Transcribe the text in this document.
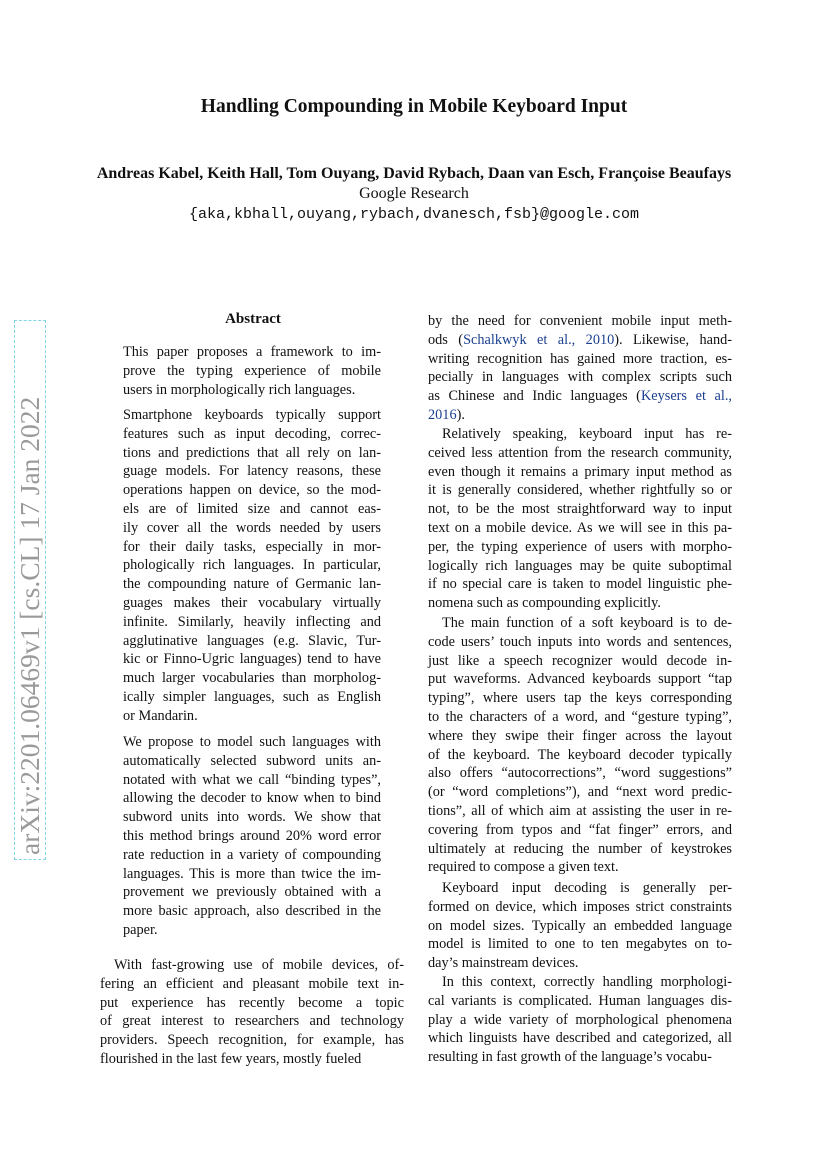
Handling Compounding in Mobile Keyboard Input
Andreas Kabel, Keith Hall, Tom Ouyang, David Rybach, Daan van Esch, Françoise Beaufays
Google Research
{aka,kbhall,ouyang,rybach,dvanesch,fsb}@google.com
arXiv:2201.06469v1 [cs.CL] 17 Jan 2022
Abstract
This paper proposes a framework to im-
prove the typing experience of mobile
users in morphologically rich languages.
Smartphone keyboards typically support
features such as input decoding, correc-
tions and predictions that all rely on lan-
guage models. For latency reasons, these
operations happen on device, so the mod-
els are of limited size and cannot eas-
ily cover all the words needed by users
for their daily tasks, especially in mor-
phologically rich languages. In particular,
the compounding nature of Germanic lan-
guages makes their vocabulary virtually
infinite. Similarly, heavily inflecting and
agglutinative languages (e.g. Slavic, Tur-
kic or Finno-Ugric languages) tend to have
much larger vocabularies than morpholog-
ically simpler languages, such as English
or Mandarin.
We propose to model such languages with
automatically selected subword units an-
notated with what we call “binding types”,
allowing the decoder to know when to bind
subword units into words. We show that
this method brings around 20% word error
rate reduction in a variety of compounding
languages. This is more than twice the im-
provement we previously obtained with a
more basic approach, also described in the
paper.
With fast-growing use of mobile devices, of-
fering an efficient and pleasant mobile text in-
put experience has recently become a topic
of great interest to researchers and technology
providers. Speech recognition, for example, has
flourished in the last few years, mostly fueled
by the need for convenient mobile input meth-
ods (Schalkwyk et al., 2010). Likewise, hand-
writing recognition has gained more traction, es-
pecially in languages with complex scripts such
as Chinese and Indic languages (Keysers et al.,
2016).
Relatively speaking, keyboard input has re-
ceived less attention from the research community,
even though it remains a primary input method as
it is generally considered, whether rightfully so or
not, to be the most straightforward way to input
text on a mobile device. As we will see in this pa-
per, the typing experience of users with morpho-
logically rich languages may be quite suboptimal
if no special care is taken to model linguistic phe-
nomena such as compounding explicitly.
The main function of a soft keyboard is to de-
code users’ touch inputs into words and sentences,
just like a speech recognizer would decode in-
put waveforms. Advanced keyboards support “tap
typing”, where users tap the keys corresponding
to the characters of a word, and “gesture typing”,
where they swipe their finger across the layout
of the keyboard. The keyboard decoder typically
also offers “autocorrections”, “word suggestions”
(or “word completions”), and “next word predic-
tions”, all of which aim at assisting the user in re-
covering from typos and “fat finger” errors, and
ultimately at reducing the number of keystrokes
required to compose a given text.
Keyboard input decoding is generally per-
formed on device, which imposes strict constraints
on model sizes. Typically an embedded language
model is limited to one to ten megabytes on to-
day’s mainstream devices.
In this context, correctly handling morphologi-
cal variants is complicated. Human languages dis-
play a wide variety of morphological phenomena
which linguists have described and categorized, all
resulting in fast growth of the language’s vocabu-
